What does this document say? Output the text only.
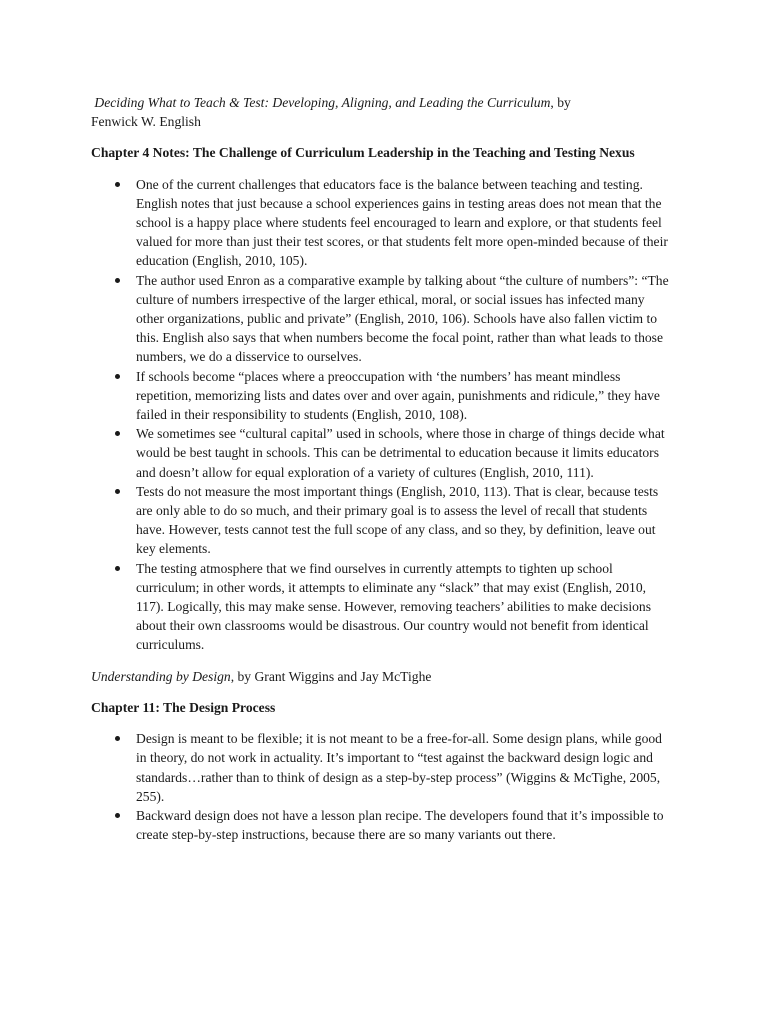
Deciding What to Teach & Test: Developing, Aligning, and Leading the Curriculum, by
Fenwick W. English

Chapter 4 Notes: The Challenge of Curriculum Leadership in the Teaching and Testing Nexus

One of the current challenges that educators face is the balance between teaching and testing. English notes that just because a school experiences gains in testing areas does not mean that the school is a happy place where students feel encouraged to learn and explore, or that students feel valued for more than just their test scores, or that students felt more open-minded because of their education (English, 2010, 105).
The author used Enron as a comparative example by talking about “the culture of numbers”: “The culture of numbers irrespective of the larger ethical, moral, or social issues has infected many other organizations, public and private” (English, 2010, 106). Schools have also fallen victim to this. English also says that when numbers become the focal point, rather than what leads to those numbers, we do a disservice to ourselves.
If schools become “places where a preoccupation with ‘the numbers’ has meant mindless repetition, memorizing lists and dates over and over again, punishments and ridicule,” they have failed in their responsibility to students (English, 2010, 108).
We sometimes see “cultural capital” used in schools, where those in charge of things decide what would be best taught in schools. This can be detrimental to education because it limits educators and doesn’t allow for equal exploration of a variety of cultures (English, 2010, 111).
Tests do not measure the most important things (English, 2010, 113). That is clear, because tests are only able to do so much, and their primary goal is to assess the level of recall that students have. However, tests cannot test the full scope of any class, and so they, by definition, leave out key elements.
The testing atmosphere that we find ourselves in currently attempts to tighten up school curriculum; in other words, it attempts to eliminate any “slack” that may exist (English, 2010, 117). Logically, this may make sense. However, removing teachers’ abilities to make decisions about their own classrooms would be disastrous. Our country would not benefit from identical curriculums.

Understanding by Design, by Grant Wiggins and Jay McTighe

Chapter 11: The Design Process

Design is meant to be flexible; it is not meant to be a free-for-all. Some design plans, while good in theory, do not work in actuality. It’s important to “test against the backward design logic and standards…rather than to think of design as a step-by-step process” (Wiggins & McTighe, 2005, 255).
Backward design does not have a lesson plan recipe. The developers found that it’s impossible to create step-by-step instructions, because there are so many variants out there.
